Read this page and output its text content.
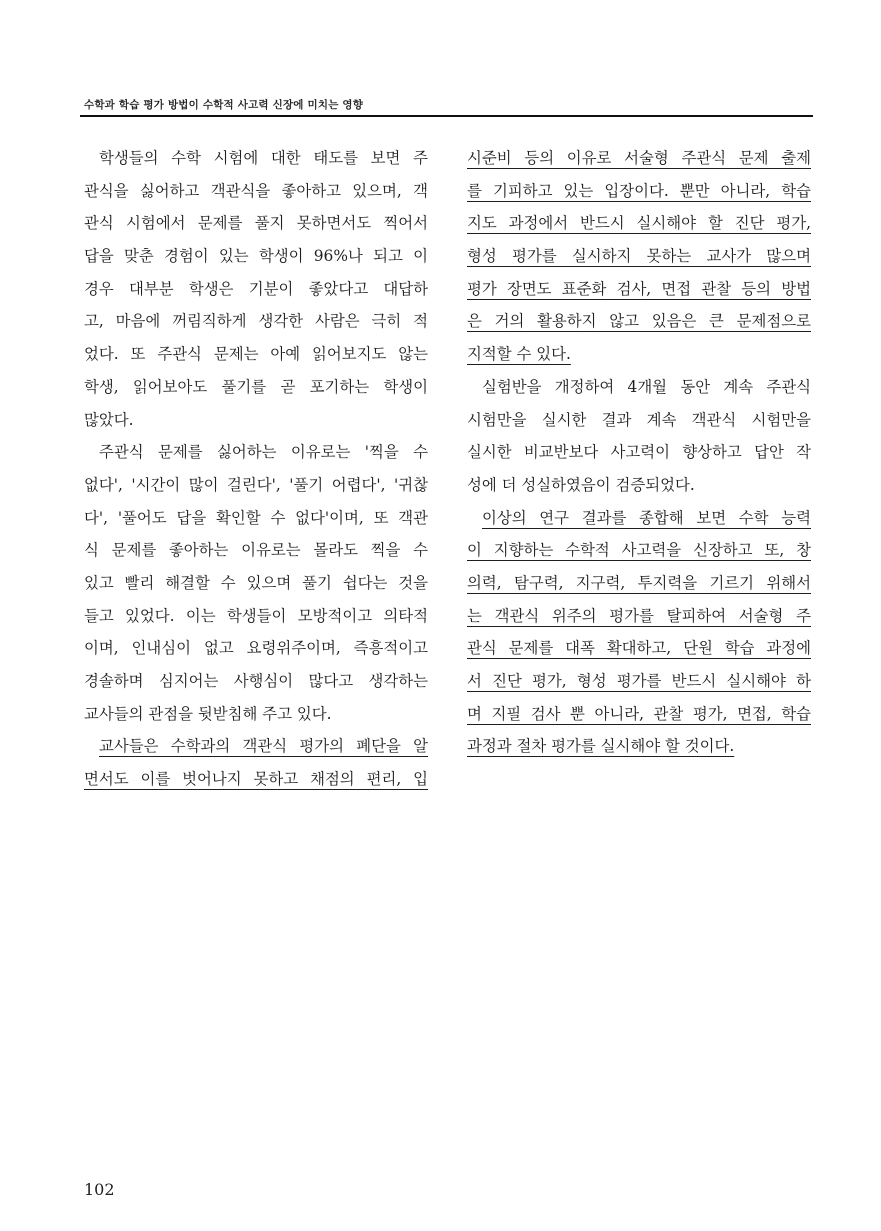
수학과 학습 평가 방법이 수학적 사고력 신장에 미치는 영향
학생들의 수학 시험에 대한 태도를 보면 주
관식을 싫어하고 객관식을 좋아하고 있으며, 객
관식 시험에서 문제를 풀지 못하면서도 찍어서
답을 맞춘 경험이 있는 학생이 96%나 되고 이
경우 대부분 학생은 기분이 좋았다고 대답하
고, 마음에 꺼림직하게 생각한 사람은 극히 적
었다. 또 주관식 문제는 아예 읽어보지도 않는
학생, 읽어보아도 풀기를 곧 포기하는 학생이
많았다.
주관식 문제를 싫어하는 이유로는 '찍을 수
없다', '시간이 많이 걸린다', '풀기 어렵다', '귀찮
다', '풀어도 답을 확인할 수 없다'이며, 또 객관
식 문제를 좋아하는 이유로는 몰라도 찍을 수
있고 빨리 해결할 수 있으며 풀기 쉽다는 것을
들고 있었다. 이는 학생들이 모방적이고 의타적
이며, 인내심이 없고 요령위주이며, 즉흥적이고
경솔하며 심지어는 사행심이 많다고 생각하는
교사들의 관점을 뒷받침해 주고 있다.
교사들은 수학과의 객관식 평가의 폐단을 알
면서도 이를 벗어나지 못하고 채점의 편리, 입
시준비 등의 이유로 서술형 주관식 문제 출제
를 기피하고 있는 입장이다. 뿐만 아니라, 학습
지도 과정에서 반드시 실시해야 할 진단 평가,
형성 평가를 실시하지 못하는 교사가 많으며
평가 장면도 표준화 검사, 면접 관찰 등의 방법
은 거의 활용하지 않고 있음은 큰 문제점으로
지적할 수 있다.
실험반을 개정하여 4개월 동안 계속 주관식
시험만을 실시한 결과 계속 객관식 시험만을
실시한 비교반보다 사고력이 향상하고 답안 작
성에 더 성실하였음이 검증되었다.
이상의 연구 결과를 종합해 보면 수학 능력
이 지향하는 수학적 사고력을 신장하고 또, 창
의력, 탐구력, 지구력, 투지력을 기르기 위해서
는 객관식 위주의 평가를 탈피하여 서술형 주
관식 문제를 대폭 확대하고, 단원 학습 과정에
서 진단 평가, 형성 평가를 반드시 실시해야 하
며 지필 검사 뿐 아니라, 관찰 평가, 면접, 학습
과정과 절차 평가를 실시해야 할 것이다.
102
